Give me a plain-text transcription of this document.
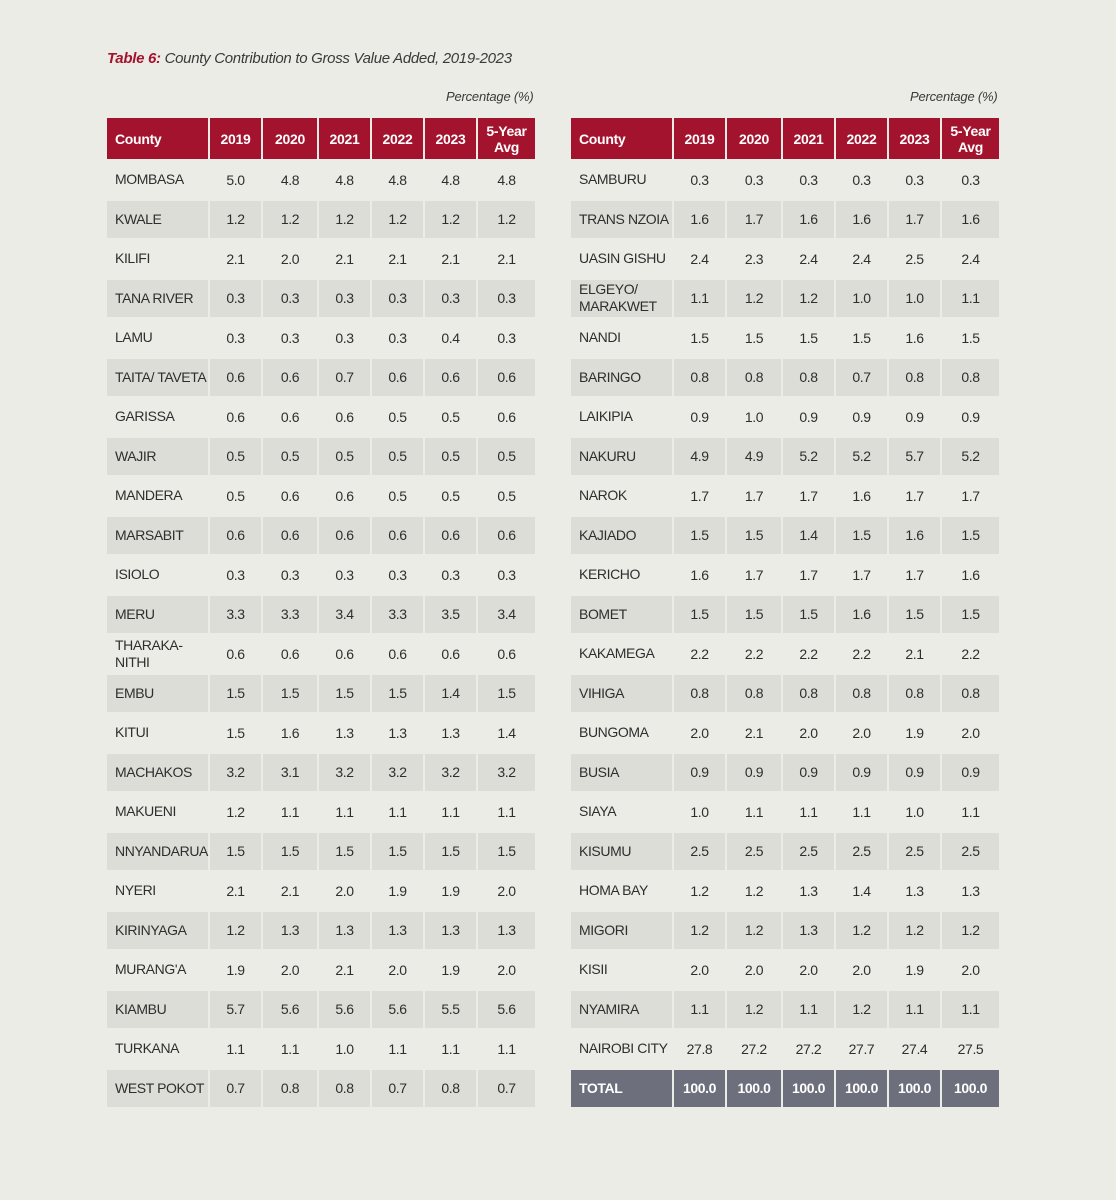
Table 6: County Contribution to Gross Value Added, 2019-2023
Percentage (%)	Percentage (%)
County	2019	2020	2021	2022	2023	5-Year Avg
MOMBASA	5.0	4.8	4.8	4.8	4.8	4.8
KWALE	1.2	1.2	1.2	1.2	1.2	1.2
KILIFI	2.1	2.0	2.1	2.1	2.1	2.1
TANA RIVER	0.3	0.3	0.3	0.3	0.3	0.3
LAMU	0.3	0.3	0.3	0.3	0.4	0.3
TAITA/ TAVETA	0.6	0.6	0.7	0.6	0.6	0.6
GARISSA	0.6	0.6	0.6	0.5	0.5	0.6
WAJIR	0.5	0.5	0.5	0.5	0.5	0.5
MANDERA	0.5	0.6	0.6	0.5	0.5	0.5
MARSABIT	0.6	0.6	0.6	0.6	0.6	0.6
ISIOLO	0.3	0.3	0.3	0.3	0.3	0.3
MERU	3.3	3.3	3.4	3.3	3.5	3.4
THARAKA- NITHI	0.6	0.6	0.6	0.6	0.6	0.6
EMBU	1.5	1.5	1.5	1.5	1.4	1.5
KITUI	1.5	1.6	1.3	1.3	1.3	1.4
MACHAKOS	3.2	3.1	3.2	3.2	3.2	3.2
MAKUENI	1.2	1.1	1.1	1.1	1.1	1.1
NNYANDARUA	1.5	1.5	1.5	1.5	1.5	1.5
NYERI	2.1	2.1	2.0	1.9	1.9	2.0
KIRINYAGA	1.2	1.3	1.3	1.3	1.3	1.3
MURANG'A	1.9	2.0	2.1	2.0	1.9	2.0
KIAMBU	5.7	5.6	5.6	5.6	5.5	5.6
TURKANA	1.1	1.1	1.0	1.1	1.1	1.1
WEST POKOT	0.7	0.8	0.8	0.7	0.8	0.7
County	2019	2020	2021	2022	2023	5-Year Avg
SAMBURU	0.3	0.3	0.3	0.3	0.3	0.3
TRANS NZOIA	1.6	1.7	1.6	1.6	1.7	1.6
UASIN GISHU	2.4	2.3	2.4	2.4	2.5	2.4
ELGEYO/ MARAKWET	1.1	1.2	1.2	1.0	1.0	1.1
NANDI	1.5	1.5	1.5	1.5	1.6	1.5
BARINGO	0.8	0.8	0.8	0.7	0.8	0.8
LAIKIPIA	0.9	1.0	0.9	0.9	0.9	0.9
NAKURU	4.9	4.9	5.2	5.2	5.7	5.2
NAROK	1.7	1.7	1.7	1.6	1.7	1.7
KAJIADO	1.5	1.5	1.4	1.5	1.6	1.5
KERICHO	1.6	1.7	1.7	1.7	1.7	1.6
BOMET	1.5	1.5	1.5	1.6	1.5	1.5
KAKAMEGA	2.2	2.2	2.2	2.2	2.1	2.2
VIHIGA	0.8	0.8	0.8	0.8	0.8	0.8
BUNGOMA	2.0	2.1	2.0	2.0	1.9	2.0
BUSIA	0.9	0.9	0.9	0.9	0.9	0.9
SIAYA	1.0	1.1	1.1	1.1	1.0	1.1
KISUMU	2.5	2.5	2.5	2.5	2.5	2.5
HOMA BAY	1.2	1.2	1.3	1.4	1.3	1.3
MIGORI	1.2	1.2	1.3	1.2	1.2	1.2
KISII	2.0	2.0	2.0	2.0	1.9	2.0
NYAMIRA	1.1	1.2	1.1	1.2	1.1	1.1
NAIROBI CITY	27.8	27.2	27.2	27.7	27.4	27.5
TOTAL	100.0	100.0	100.0	100.0	100.0	100.0
